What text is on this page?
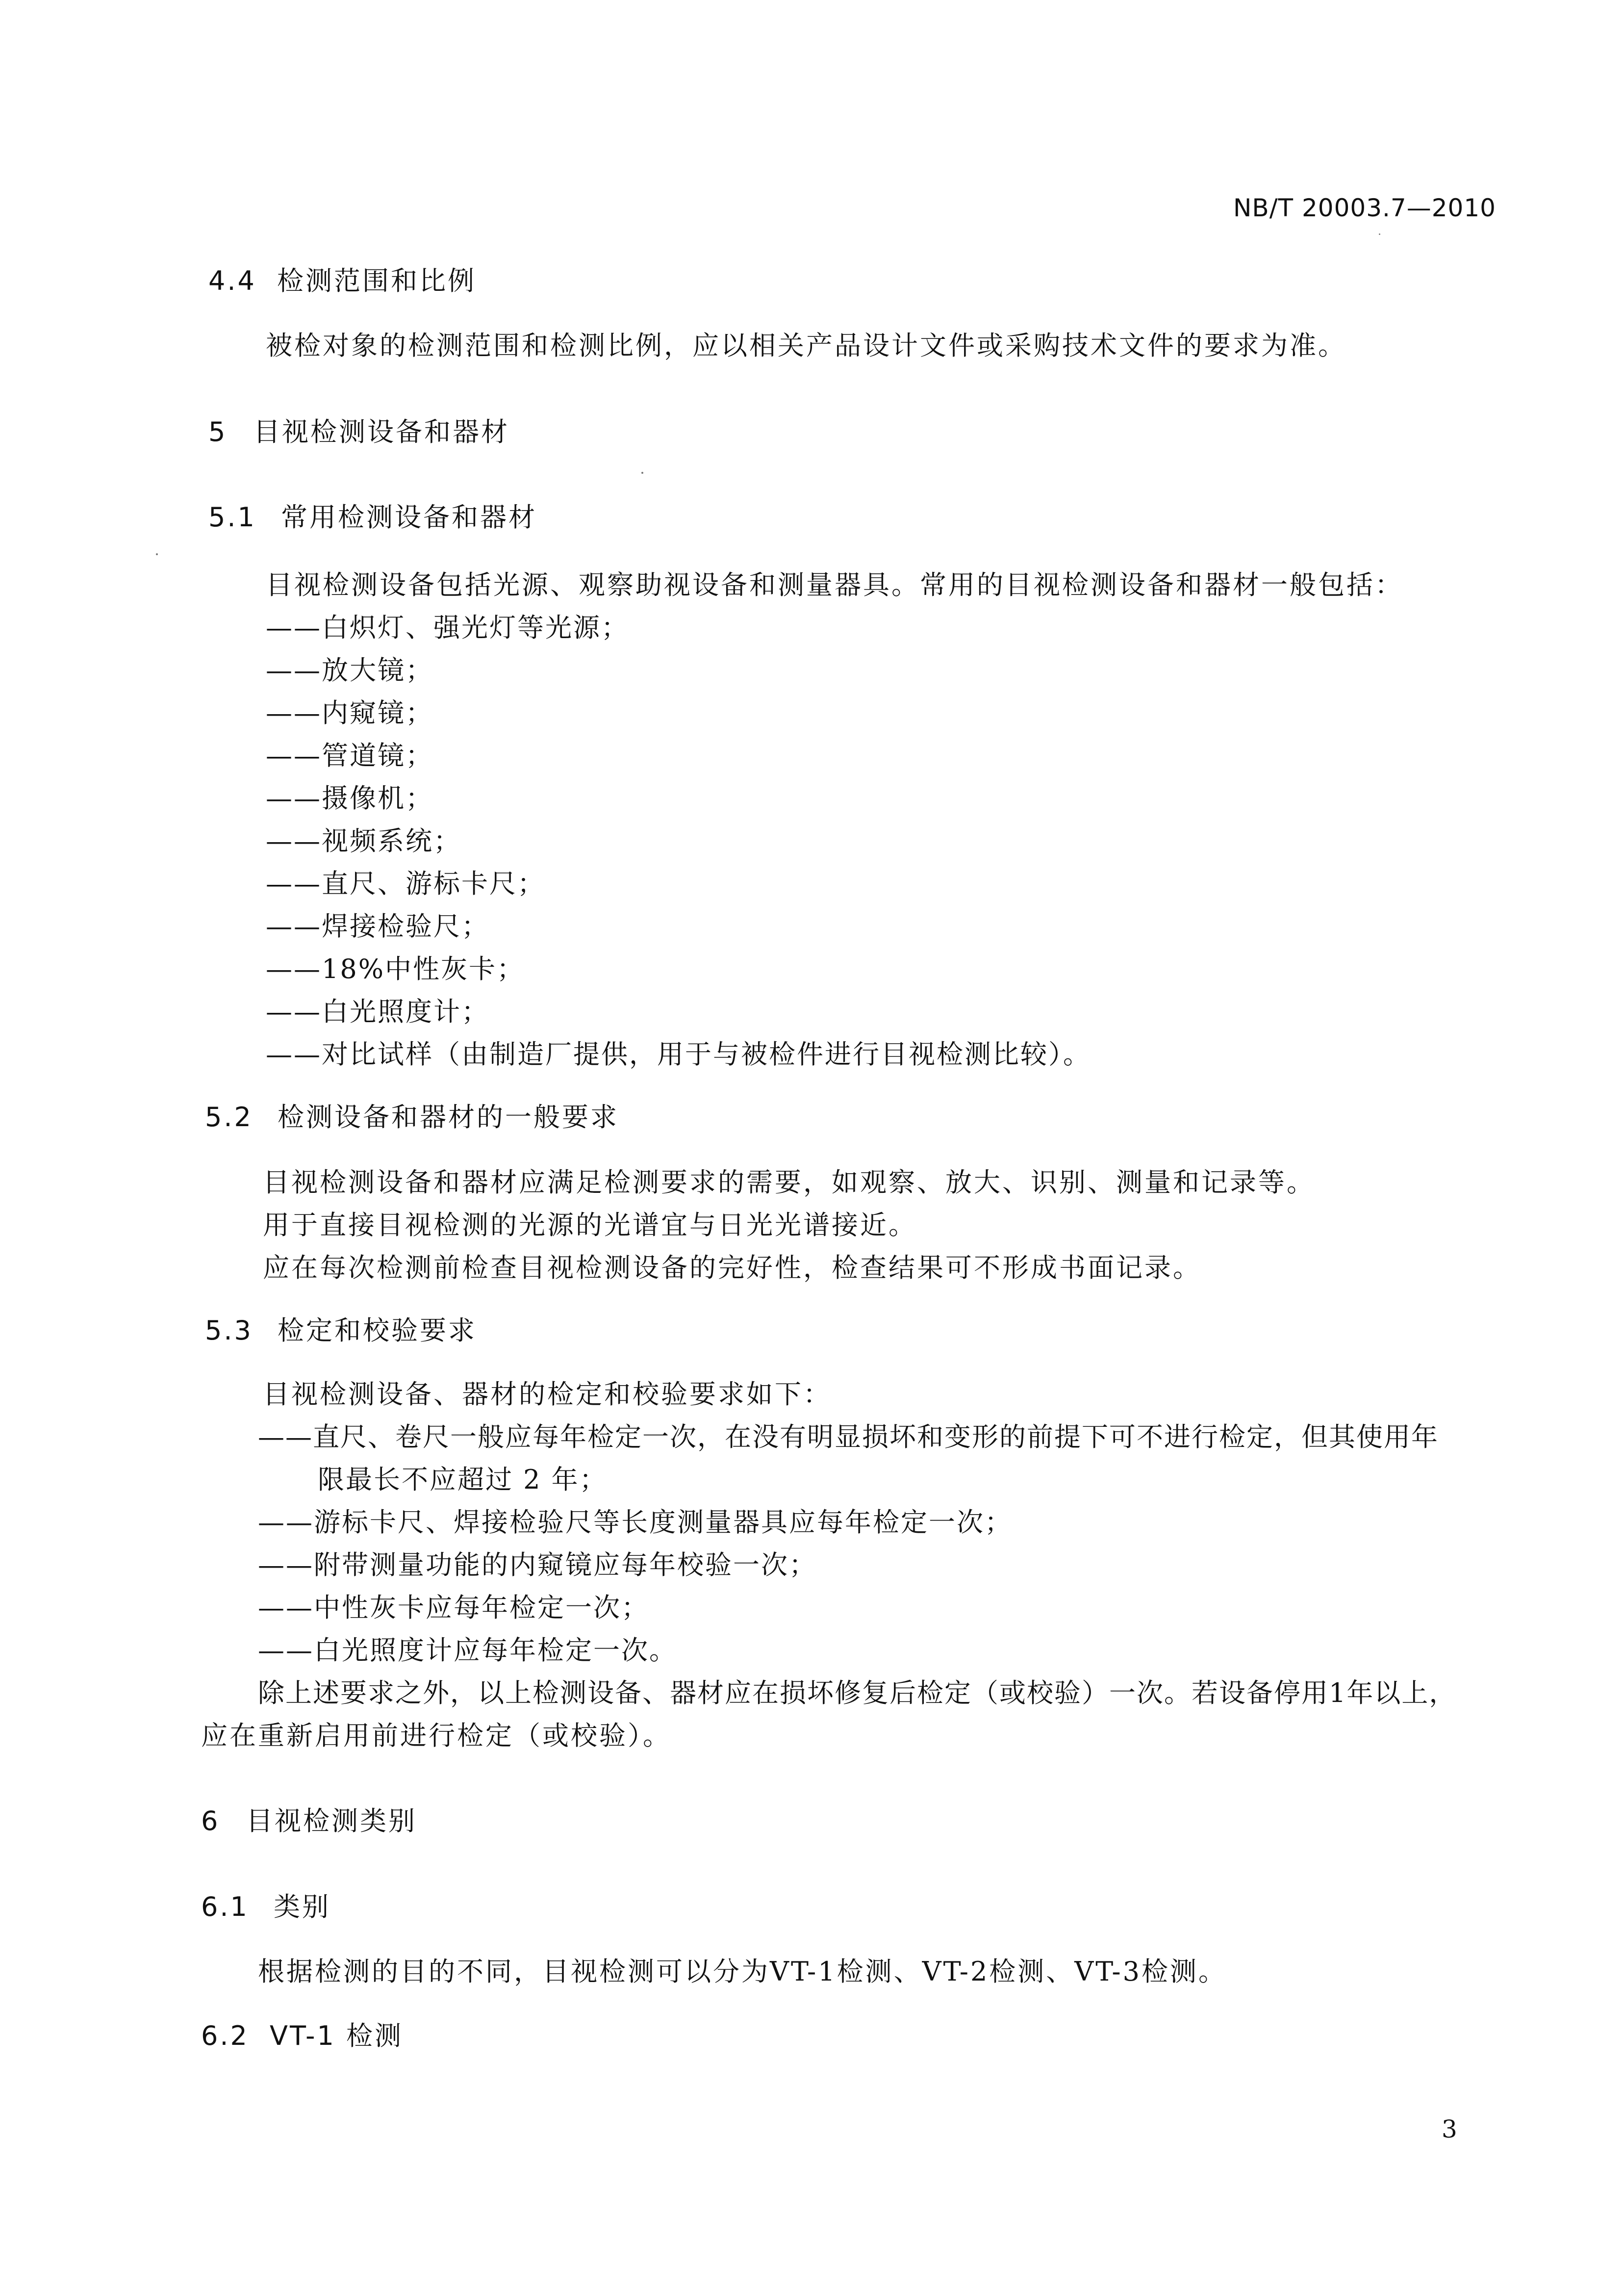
NB/T 20003.7—2010
4.4 检测范围和比例
被检对象的检测范围和检测比例，应以相关产品设计文件或采购技术文件的要求为准。
5 目视检测设备和器材
5.1 常用检测设备和器材
目视检测设备包括光源、观察助视设备和测量器具。常用的目视检测设备和器材一般包括：
——白炽灯、强光灯等光源；
——放大镜；
——内窥镜；
——管道镜；
——摄像机；
——视频系统；
——直尺、游标卡尺；
——焊接检验尺；
——18%中性灰卡；
——白光照度计；
——对比试样（由制造厂提供，用于与被检件进行目视检测比较）。
5.2 检测设备和器材的一般要求
目视检测设备和器材应满足检测要求的需要，如观察、放大、识别、测量和记录等。
用于直接目视检测的光源的光谱宜与日光光谱接近。
应在每次检测前检查目视检测设备的完好性，检查结果可不形成书面记录。
5.3 检定和校验要求
目视检测设备、器材的检定和校验要求如下：
——直尺、卷尺一般应每年检定一次，在没有明显损坏和变形的前提下可不进行检定，但其使用年
限最长不应超过 2 年；
——游标卡尺、焊接检验尺等长度测量器具应每年检定一次；
——附带测量功能的内窥镜应每年校验一次；
——中性灰卡应每年检定一次；
——白光照度计应每年检定一次。
除上述要求之外，以上检测设备、器材应在损坏修复后检定（或校验）一次。若设备停用1年以上，
应在重新启用前进行检定（或校验）。
6 目视检测类别
6.1 类别
根据检测的目的不同，目视检测可以分为VT-1检测、VT-2检测、VT-3检测。
6.2 VT-1 检测
3
